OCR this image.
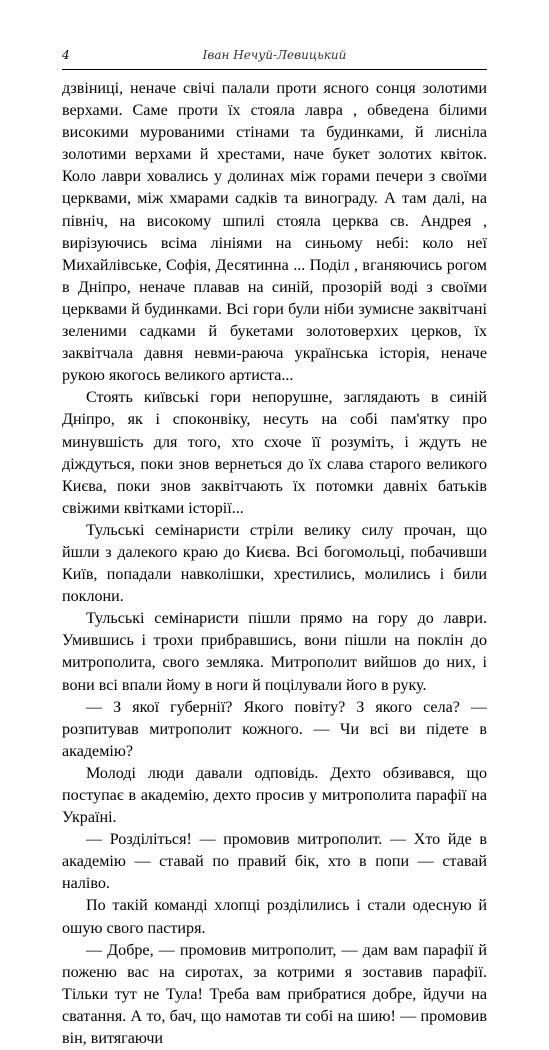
4	Іван Нечуй-Левицький

дзвіниці, неначе свічі палали проти ясного сонця золотими верхами. Саме проти їх стояла лавра , обведена білими високими мурованими стінами та будинками, й лисніла золотими верхами й хрестами, наче букет золотих квіток. Коло лаври ховались у долинах між горами печери з своїми церквами, між хмарами садків та винограду. А там далі, на північ, на високому шпилі стояла церква св. Андрея , вирізуючись всіма лініями на синьому небі: коло неї Михайлівське, Софія, Десятинна ... Поділ , вганяючись рогом в Дніпро, неначе плавав на синій, прозорій воді з своїми церквами й будинками. Всі гори були ніби зумисне заквітчані зеленими садками й букетами золотоверхих церков, їх заквітчала давня невми-раюча українська історія, неначе рукою якогось великого артиста...

Стоять київські гори непорушне, заглядають в синій Дніпро, як і споконвіку, несуть на собі пам'ятку про минувшість для того, хто схоче її розуміть, і ждуть не діждуться, поки знов вернеться до їх слава старого великого Києва, поки знов заквітчають їх потомки давніх батьків свіжими квітками історії...

Тульські семінаристи стріли велику силу прочан, що йшли з далекого краю до Києва. Всі богомольці, побачивши Київ, попадали навколішки, хрестились, молились і били поклони.

Тульські семінаристи пішли прямо на гору до лаври. Умившись і трохи прибравшись, вони пішли на поклін до митрополита, свого земляка. Митрополит вийшов до них, і вони всі впали йому в ноги й поцілували його в руку.

— З якої губернії? Якого повіту? З якого села? — розпитував митрополит кожного. — Чи всі ви підете в академію?

Молоді люди давали одповідь. Дехто обзивався, що поступає в академію, дехто просив у митрополита парафії на Україні.

— Розділіться! — промовив митрополит. — Хто йде в академію — ставай по правий бік, хто в попи — ставай наліво.

По такій команді хлопці розділились і стали одесную й ошую свого пастиря.

— Добре, — промовив митрополит, — дам вам парафії й поженю вас на сиротах, за котрими я зоставив парафії. Тільки тут не Тула! Треба вам прибратися добре, йдучи на сватання. А то, бач, що намотав ти собі на шию! — промовив він, витягаючи
